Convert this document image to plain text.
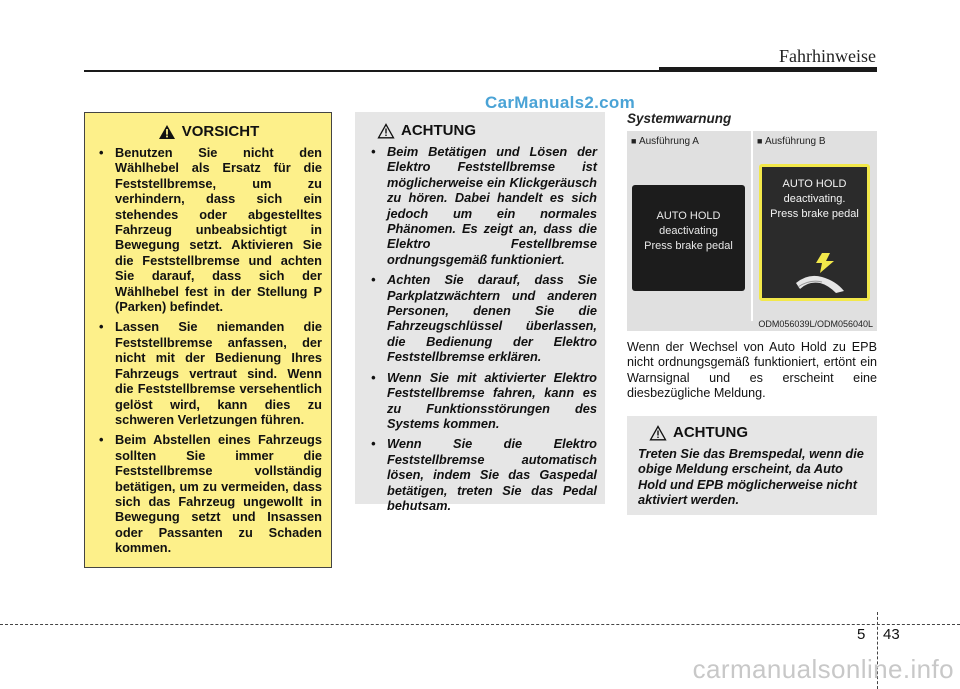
Fahrhinweise
CarManuals2.com
VORSICHT
• Benutzen Sie nicht den Wählhebel als Ersatz für die Feststellbremse, um zu verhindern, dass sich ein stehendes oder abgestelltes Fahrzeug unbeabsichtigt in Bewegung setzt. Aktivieren Sie die Feststellbremse und achten Sie darauf, dass sich der Wählhebel fest in der Stellung P (Parken) befindet.
• Lassen Sie niemanden die Feststellbremse anfassen, der nicht mit der Bedienung Ihres Fahrzeugs vertraut sind. Wenn die Feststellbremse versehentlich gelöst wird, kann dies zu schweren Verletzungen führen.
• Beim Abstellen eines Fahrzeugs sollten Sie immer die Feststellbremse vollständig betätigen, um zu vermeiden, dass sich das Fahrzeug ungewollt in Bewegung setzt und Insassen oder Passanten zu Schaden kommen.
ACHTUNG
• Beim Betätigen und Lösen der Elektro Feststellbremse ist möglicherweise ein Klickgeräusch zu hören. Dabei handelt es sich jedoch um ein normales Phänomen. Es zeigt an, dass die Elektro Festellbremse ordnungsgemäß funktioniert.
• Achten Sie darauf, dass Sie Parkplatzwächtern und anderen Personen, denen Sie die Fahrzeugschlüssel überlassen, die Bedienung der Elektro Feststellbremse erklären.
• Wenn Sie mit aktivierter Elektro Feststellbremse fahren, kann es zu Funktionsstörungen des Systems kommen.
• Wenn Sie die Elektro Feststellbremse automatisch lösen, indem Sie das Gaspedal betätigen, treten Sie das Pedal behutsam.
Systemwarnung
■ Ausführung A
AUTO HOLD
deactivating
Press brake pedal
■ Ausführung B
AUTO HOLD
deactivating.
Press brake pedal
ODM056039L/ODM056040L
Wenn der Wechsel von Auto Hold zu EPB nicht ordnungsgemäß funktioniert, ertönt ein Warnsignal und es erscheint eine diesbezügliche Meldung.
ACHTUNG
Treten Sie das Bremspedal, wenn die obige Meldung erscheint, da Auto Hold und EPB möglicherweise nicht aktiviert werden.
5 43
carmanualsonline.info
